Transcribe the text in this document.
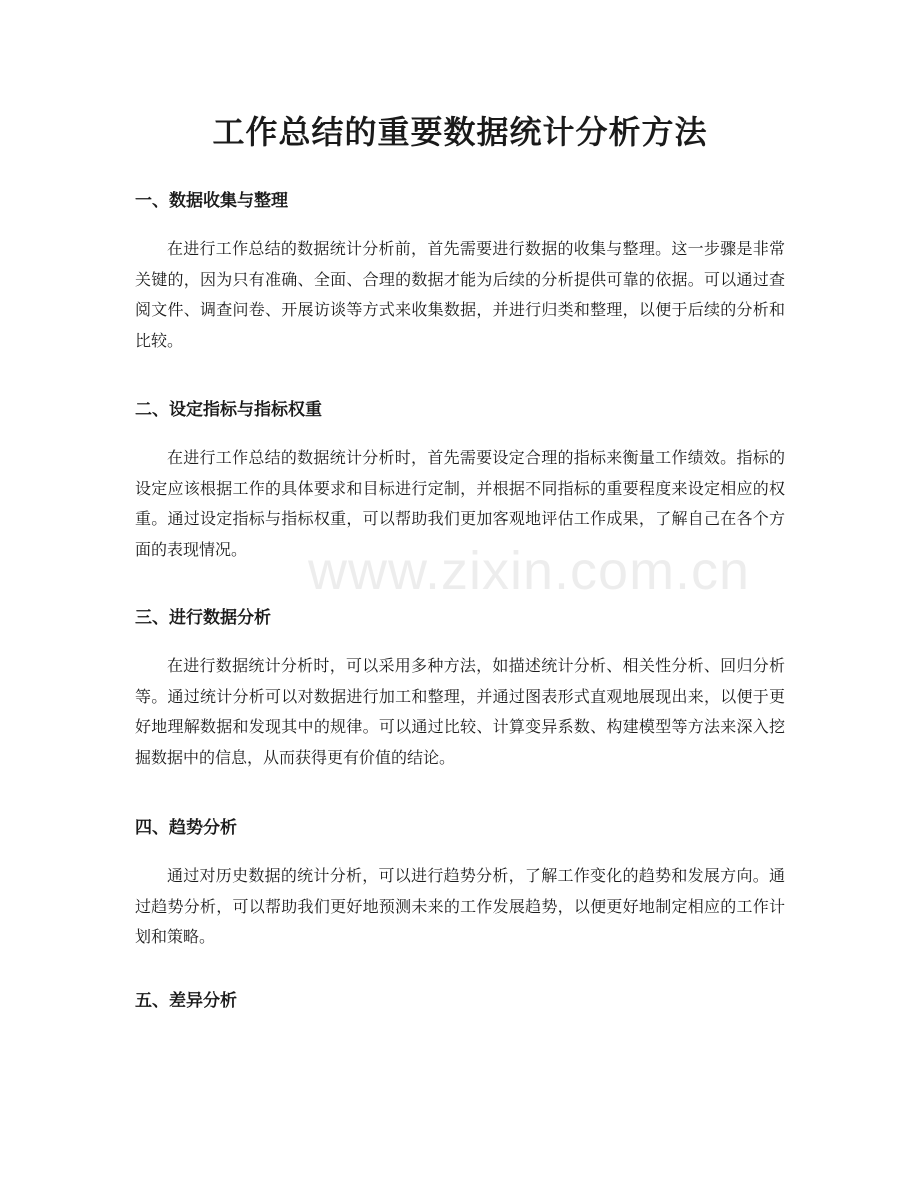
www.zixin.com.cn
工作总结的重要数据统计分析方法
一、数据收集与整理

在进行工作总结的数据统计分析前，首先需要进行数据的收集与整理。这一步骤是非常关键的，因为只有准确、全面、合理的数据才能为后续的分析提供可靠的依据。可以通过查阅文件、调查问卷、开展访谈等方式来收集数据，并进行归类和整理，以便于后续的分析和比较。

二、设定指标与指标权重

在进行工作总结的数据统计分析时，首先需要设定合理的指标来衡量工作绩效。指标的设定应该根据工作的具体要求和目标进行定制，并根据不同指标的重要程度来设定相应的权重。通过设定指标与指标权重，可以帮助我们更加客观地评估工作成果，了解自己在各个方面的表现情况。

三、进行数据分析

在进行数据统计分析时，可以采用多种方法，如描述统计分析、相关性分析、回归分析等。通过统计分析可以对数据进行加工和整理，并通过图表形式直观地展现出来，以便于更好地理解数据和发现其中的规律。可以通过比较、计算变异系数、构建模型等方法来深入挖掘数据中的信息，从而获得更有价值的结论。

四、趋势分析

通过对历史数据的统计分析，可以进行趋势分析，了解工作变化的趋势和发展方向。通过趋势分析，可以帮助我们更好地预测未来的工作发展趋势，以便更好地制定相应的工作计划和策略。

五、差异分析
